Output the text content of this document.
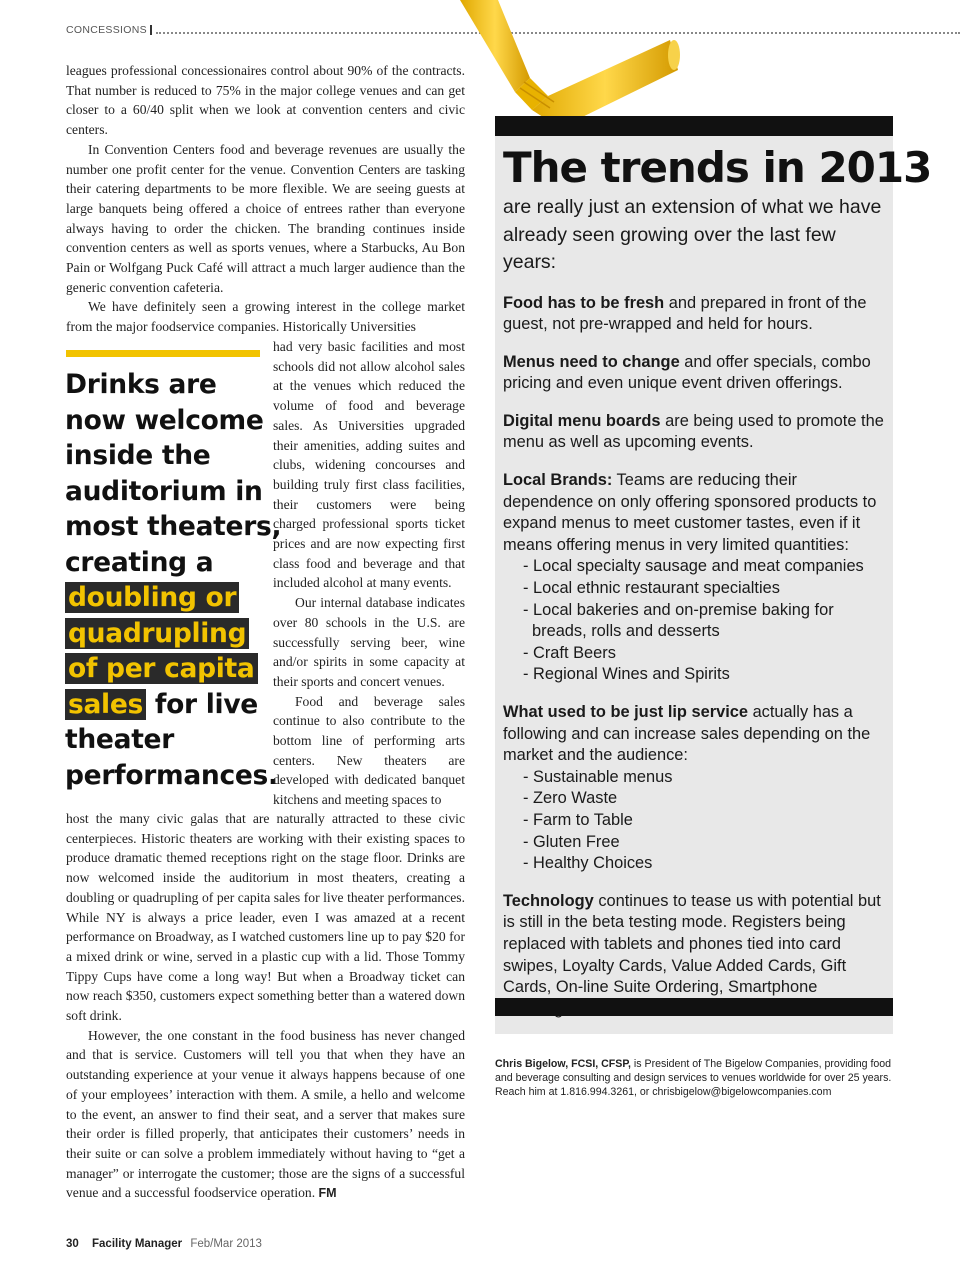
CONCESSIONS

leagues professional concessionaires control about 90% of the contracts. That number is reduced to 75% in the major college venues and can get closer to a 60/40 split when we look at convention centers and civic centers.

In Convention Centers food and beverage revenues are usually the number one profit center for the venue. Convention Centers are tasking their catering departments to be more flexible. We are seeing guests at large banquets being offered a choice of entrees rather than everyone always having to order the chicken. The branding continues inside convention centers as well as sports venues, where a Starbucks, Au Bon Pain or Wolfgang Puck Café will attract a much larger audience than the generic convention cafeteria.

We have definitely seen a growing interest in the college market from the major foodservice companies. Historically Universities

Drinks are
now welcome
inside the
auditorium in
most theaters,
creating a
doubling or
quadrupling
of per capita
sales for live
theater
performances.

had very basic facilities and most schools did not allow alcohol sales at the venues which reduced the volume of food and beverage sales. As Universities upgraded their amenities, adding suites and clubs, widening concourses and building truly first class facilities, their customers were being charged professional sports ticket prices and are now expecting first class food and beverage and that included alcohol at many events.

Our internal database indicates over 80 schools in the U.S. are successfully serving beer, wine and/or spirits in some capacity at their sports and concert venues.

Food and beverage sales continue to also contribute to the bottom line of performing arts centers. New theaters are developed with dedicated banquet kitchens and meeting spaces to

host the many civic galas that are naturally attracted to these civic centerpieces. Historic theaters are working with their existing spaces to produce dramatic themed receptions right on the stage floor. Drinks are now welcomed inside the auditorium in most theaters, creating a doubling or quadrupling of per capita sales for live theater performances. While NY is always a price leader, even I was amazed at a recent performance on Broadway, as I watched customers line up to pay $20 for a mixed drink or wine, served in a plastic cup with a lid. Those Tommy Tippy Cups have come a long way! But when a Broadway ticket can now reach $350, customers expect something better than a watered down soft drink.

However, the one constant in the food business has never changed and that is service. Customers will tell you that when they have an outstanding experience at your venue it always happens because of one of your employees’ interaction with them. A smile, a hello and welcome to the event, an answer to find their seat, and a server that makes sure their order is filled properly, that anticipates their customers’ needs in their suite or can solve a problem immediately without having to “get a manager” or interrogate the customer; those are the signs of a successful venue and a successful foodservice operation. FM

The trends in 2013
are really just an extension of what we have already seen growing over the last few years:
Food has to be fresh and prepared in front of the guest, not pre-wrapped and held for hours.
Menus need to change and offer specials, combo pricing and even unique event driven offerings.
Digital menu boards are being used to promote the menu as well as upcoming events.
Local Brands: Teams are reducing their dependence on only offering sponsored products to expand menus to meet customer tastes, even if it means offering menus in very limited quantities:
- Local specialty sausage and meat companies
- Local ethnic restaurant specialties
- Local bakeries and on-premise baking for breads, rolls and desserts
- Craft Beers
- Regional Wines and Spirits
What used to be just lip service actually has a following and can increase sales depending on the market and the audience:
- Sustainable menus
- Zero Waste
- Farm to Table
- Gluten Free
- Healthy Choices
Technology continues to tease us with potential but is still in the beta testing mode. Registers being replaced with tablets and phones tied into card swipes, Loyalty Cards, Value Added Cards, Gift Cards, On-line Suite Ordering, Smartphone
Chris Bigelow, FCSI, CFSP, is President of The Bigelow Companies, providing food and beverage consulting and design services to venues worldwide for over 25 years. Reach him at 1.816.994.3261, or chrisbigelow@bigelowcompanies.com
30 Facility Manager Feb/Mar 2013
